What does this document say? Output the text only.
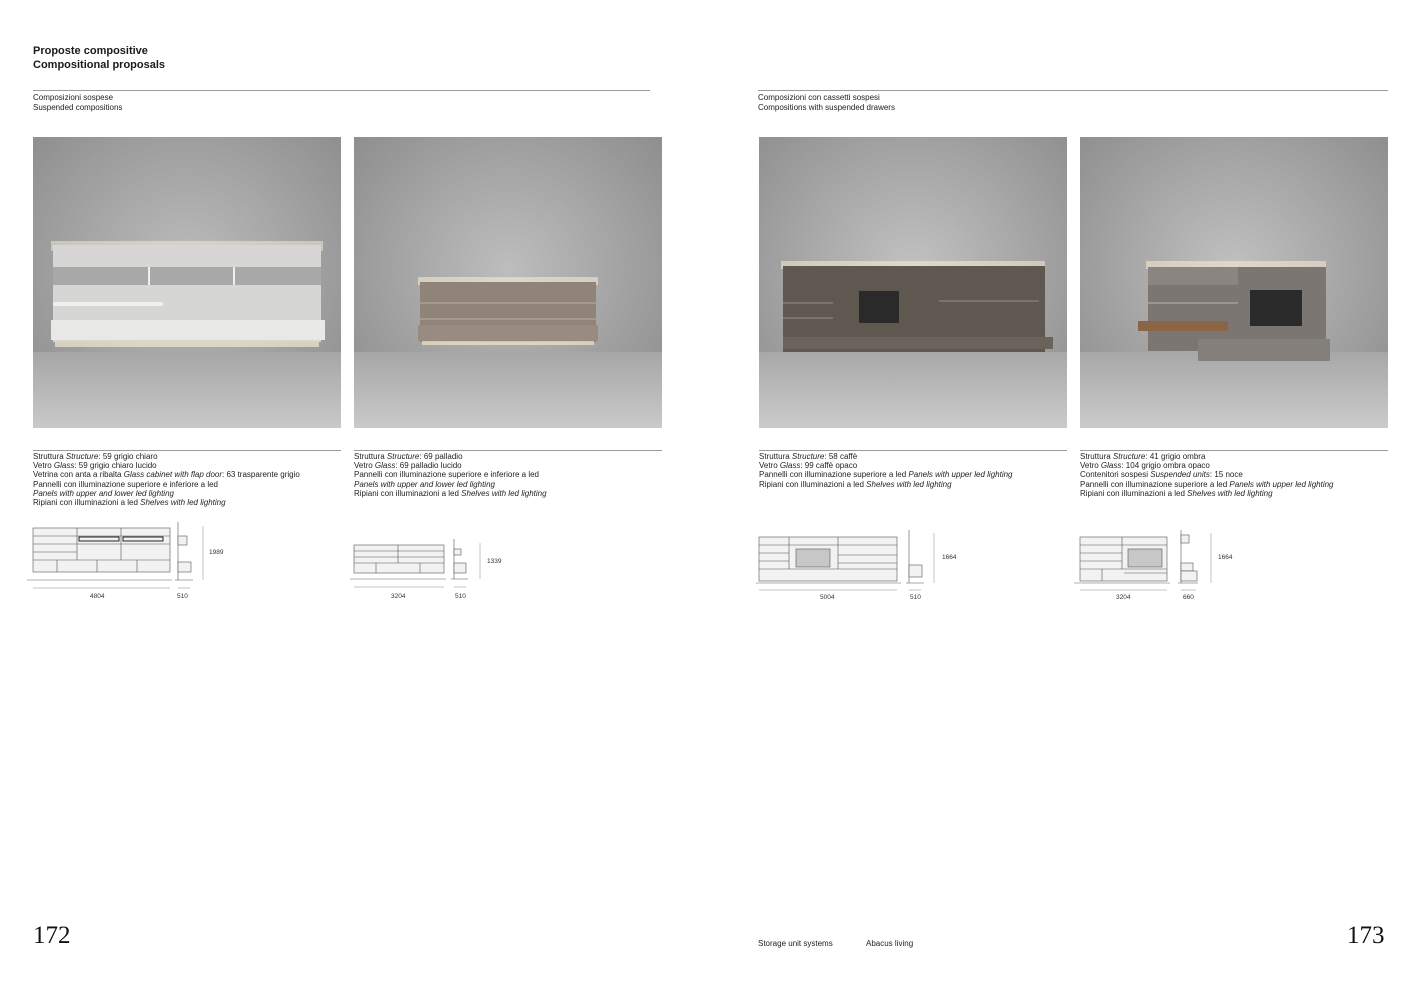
Proposte compositive
Compositional proposals
Composizioni sospese
Suspended compositions
Composizioni con cassetti sospesi
Compositions with suspended drawers
Struttura Structure: 59 grigio chiaro
Vetro Glass: 59 grigio chiaro lucido
Vetrina con anta a ribalta Glass cabinet with flap door: 63 trasparente grigio
Pannelli con illuminazione superiore e inferiore a led
Panels with upper and lower led lighting
Ripiani con illuminazioni a led Shelves with led lighting
Struttura Structure: 69 palladio
Vetro Glass: 69 palladio lucido
Pannelli con illuminazione superiore e inferiore a led
Panels with upper and lower led lighting
Ripiani con illuminazioni a led Shelves with led lighting
Struttura Structure: 58 caffè
Vetro Glass: 99 caffè opaco
Pannelli con illuminazione superiore a led Panels with upper led lighting
Ripiani con illuminazioni a led Shelves with led lighting
Struttura Structure: 41 grigio ombra
Vetro Glass: 104 grigio ombra opaco
Contenitori sospesi Suspended units: 15 noce
Pannelli con illuminazione superiore a led Panels with upper led lighting
Ripiani con illuminazioni a led Shelves with led lighting
4804	510
1989
3204	510
1339
5004	510
1664
3204	660
1664
172	Storage unit systems	Abacus living	173
